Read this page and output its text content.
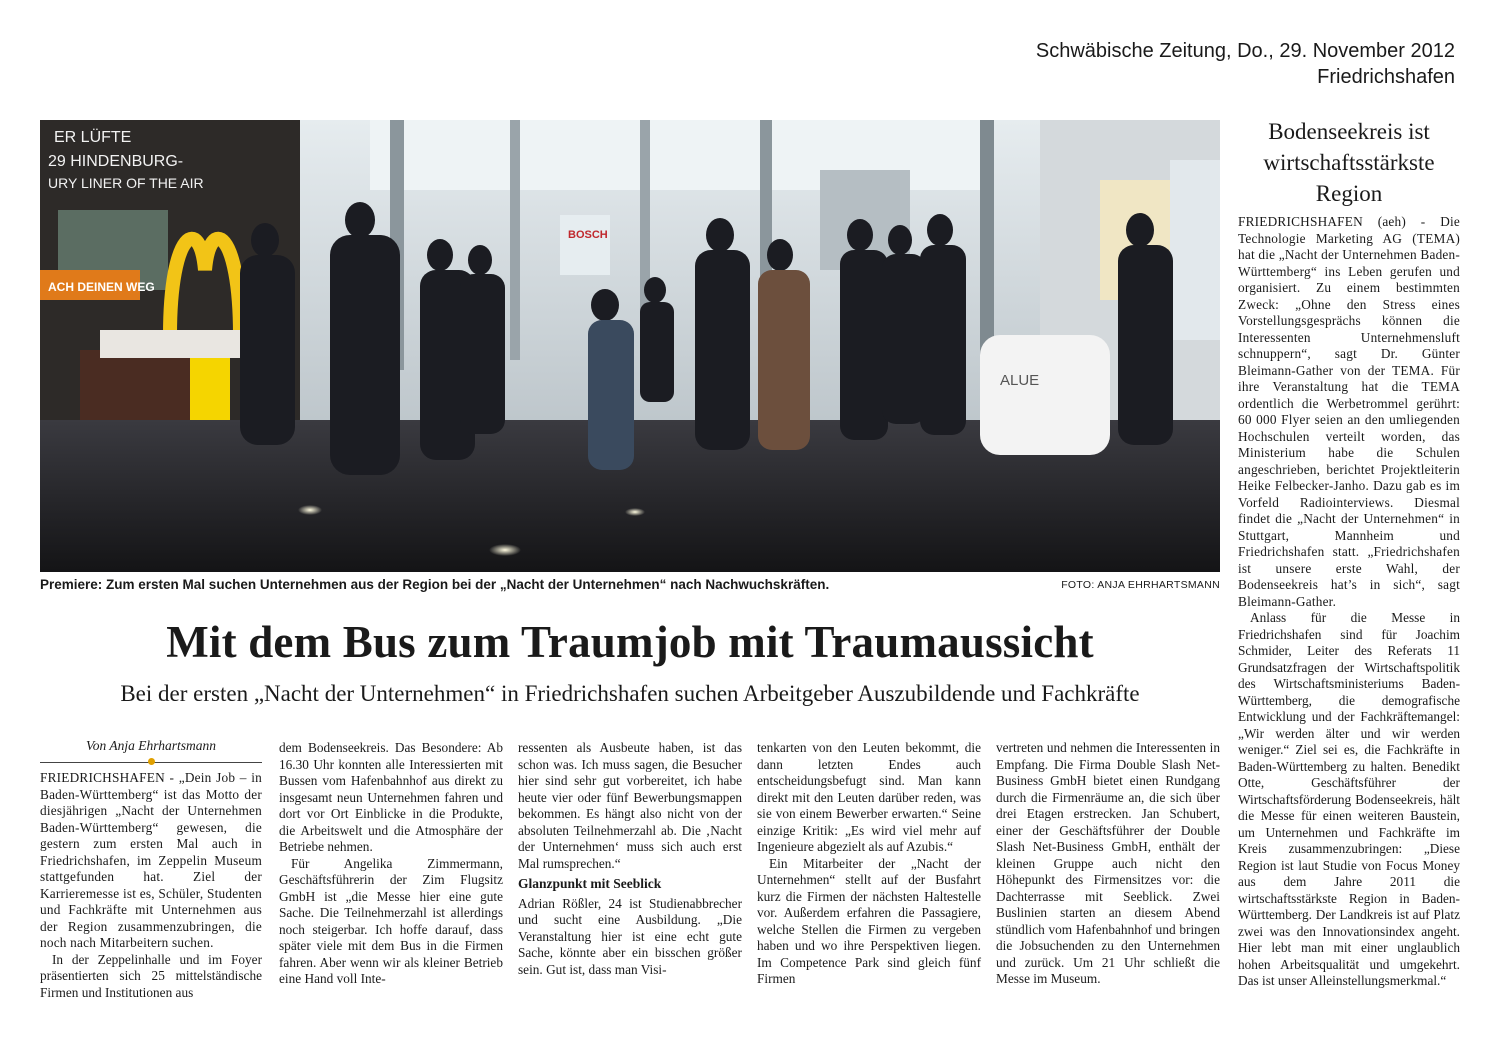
Schwäbische Zeitung, Do., 29. November 2012
Friedrichshafen
ER LÜFTE
29 HINDENBURG-
URY LINER OF THE AIR
ACH DEINEN WEG
BOSCH
ALUE
Premiere: Zum ersten Mal suchen Unternehmen aus der Region bei der „Nacht der Unternehmen“ nach Nachwuchskräften.	FOTO: ANJA EHRHARTSMANN
Mit dem Bus zum Traumjob mit Traumaussicht
Bei der ersten „Nacht der Unternehmen“ in Friedrichshafen suchen Arbeitgeber Auszubildende und Fachkräfte
Von Anja Ehrhartsmann

FRIEDRICHSHAFEN - „Dein Job – in Baden-Württemberg“ ist das Motto der diesjährigen „Nacht der Unternehmen Baden-Württemberg“ gewesen, die gestern zum ersten Mal auch in Friedrichshafen, im Zeppelin Museum stattgefunden hat. Ziel der Karrieremesse ist es, Schüler, Studenten und Fachkräfte mit Unternehmen aus der Region zusammenzubringen, die noch nach Mitarbeitern suchen.

In der Zeppelinhalle und im Foyer präsentierten sich 25 mittelständische Firmen und Institutionen aus

dem Bodenseekreis. Das Besondere: Ab 16.30 Uhr konnten alle Interessierten mit Bussen vom Hafenbahnhof aus direkt zu insgesamt neun Unternehmen fahren und dort vor Ort Einblicke in die Produkte, die Arbeitswelt und die Atmosphäre der Betriebe nehmen.

Für Angelika Zimmermann, Geschäftsführerin der Zim Flugsitz GmbH ist „die Messe hier eine gute Sache. Die Teilnehmerzahl ist allerdings noch steigerbar. Ich hoffe darauf, dass später viele mit dem Bus in die Firmen fahren. Aber wenn wir als kleiner Betrieb eine Hand voll Inte-

ressenten als Ausbeute haben, ist das schon was. Ich muss sagen, die Besucher hier sind sehr gut vorbereitet, ich habe heute vier oder fünf Bewerbungsmappen bekommen. Es hängt also nicht von der absoluten Teilnehmerzahl ab. Die ‚Nacht der Unternehmen‘ muss sich auch erst Mal rumsprechen.“

Glanzpunkt mit Seeblick

Adrian Rößler, 24 ist Studienabbrecher und sucht eine Ausbildung. „Die Veranstaltung hier ist eine echt gute Sache, könnte aber ein bisschen größer sein. Gut ist, dass man Visi-

tenkarten von den Leuten bekommt, die dann letzten Endes auch entscheidungsbefugt sind. Man kann direkt mit den Leuten darüber reden, was sie von einem Bewerber erwarten.“ Seine einzige Kritik: „Es wird viel mehr auf Ingenieure abgezielt als auf Azubis.“

Ein Mitarbeiter der „Nacht der Unternehmen“ stellt auf der Busfahrt kurz die Firmen der nächsten Haltestelle vor. Außerdem erfahren die Passagiere, welche Stellen die Firmen zu vergeben haben und wo ihre Perspektiven liegen. Im Competence Park sind gleich fünf Firmen

vertreten und nehmen die Interessenten in Empfang. Die Firma Double Slash Net-Business GmbH bietet einen Rundgang durch die Firmenräume an, die sich über drei Etagen erstrecken. Jan Schubert, einer der Geschäftsführer der Double Slash Net-Business GmbH, enthält der kleinen Gruppe auch nicht den Höhepunkt des Firmensitzes vor: die Dachterrasse mit Seeblick. Zwei Buslinien starten an diesem Abend stündlich vom Hafenbahnhof und bringen die Jobsuchenden zu den Unternehmen und zurück. Um 21 Uhr schließt die Messe im Museum.

Bodenseekreis ist wirtschaftsstärkste Region

FRIEDRICHSHAFEN (aeh) - Die Technologie Marketing AG (TEMA) hat die „Nacht der Unternehmen Baden-Württemberg“ ins Leben gerufen und organisiert. Zu einem bestimmten Zweck: „Ohne den Stress eines Vorstellungsgesprächs können die Interessenten Unternehmensluft schnuppern“, sagt Dr. Günter Bleimann-Gather von der TEMA. Für ihre Veranstaltung hat die TEMA ordentlich die Werbetrommel gerührt: 60 000 Flyer seien an den umliegenden Hochschulen verteilt worden, das Ministerium habe die Schulen angeschrieben, berichtet Projektleiterin Heike Felbecker-Janho. Dazu gab es im Vorfeld Radiointerviews. Diesmal findet die „Nacht der Unternehmen“ in Stuttgart, Mannheim und Friedrichshafen statt. „Friedrichshafen ist unsere erste Wahl, der Bodenseekreis hat’s in sich“, sagt Bleimann-Gather.

Anlass für die Messe in Friedrichshafen sind für Joachim Schmider, Leiter des Referats 11 Grundsatzfragen der Wirtschaftspolitik des Wirtschaftsministeriums Baden-Württemberg, die demografische Entwicklung und der Fachkräftemangel: „Wir werden älter und wir werden weniger.“ Ziel sei es, die Fachkräfte in Baden-Württemberg zu halten. Benedikt Otte, Geschäftsführer der Wirtschaftsförderung Bodenseekreis, hält die Messe für einen weiteren Baustein, um Unternehmen und Fachkräfte im Kreis zusammenzubringen: „Diese Region ist laut Studie von Focus Money aus dem Jahre 2011 die wirtschaftsstärkste Region in Baden-Württemberg. Der Landkreis ist auf Platz zwei was den Innovationsindex angeht. Hier lebt man mit einer unglaublich hohen Arbeitsqualität und umgekehrt. Das ist unser Alleinstellungsmerkmal.“
